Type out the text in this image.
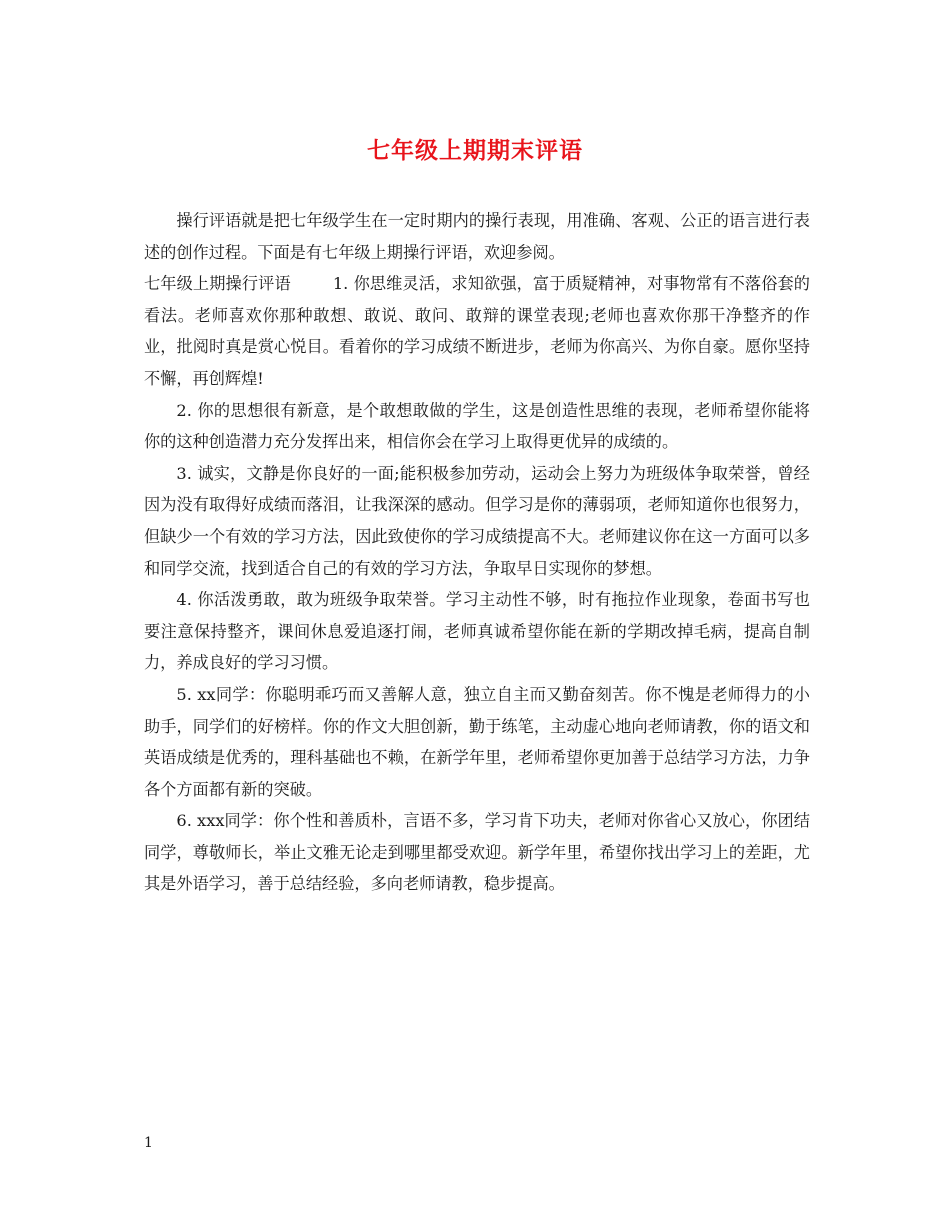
七年级上期期末评语

操行评语就是把七年级学生在一定时期内的操行表现，用准确、客观、公正的语言进行表述的创作过程。下面是有七年级上期操行评语，欢迎参阅。

七年级上期操行评语	1. 你思维灵活，求知欲强，富于质疑精神，对事物常有不落俗套的看法。老师喜欢你那种敢想、敢说、敢问、敢辩的课堂表现;老师也喜欢你那干净整齐的作业，批阅时真是赏心悦目。看着你的学习成绩不断进步，老师为你高兴、为你自豪。愿你坚持不懈，再创辉煌!

2. 你的思想很有新意，是个敢想敢做的学生，这是创造性思维的表现，老师希望你能将你的这种创造潜力充分发挥出来，相信你会在学习上取得更优异的成绩的。

3. 诚实，文静是你良好的一面;能积极参加劳动，运动会上努力为班级体争取荣誉，曾经因为没有取得好成绩而落泪，让我深深的感动。但学习是你的薄弱项，老师知道你也很努力，但缺少一个有效的学习方法，因此致使你的学习成绩提高不大。老师建议你在这一方面可以多和同学交流，找到适合自己的有效的学习方法，争取早日实现你的梦想。

4. 你活泼勇敢，敢为班级争取荣誉。学习主动性不够，时有拖拉作业现象，卷面书写也要注意保持整齐，课间休息爱追逐打闹，老师真诚希望你能在新的学期改掉毛病，提高自制力，养成良好的学习习惯。

5. xx同学：你聪明乖巧而又善解人意，独立自主而又勤奋刻苦。你不愧是老师得力的小助手，同学们的好榜样。你的作文大胆创新，勤于练笔，主动虚心地向老师请教，你的语文和英语成绩是优秀的，理科基础也不赖，在新学年里，老师希望你更加善于总结学习方法，力争各个方面都有新的突破。

6. xxx同学：你个性和善质朴，言语不多，学习肯下功夫，老师对你省心又放心，你团结同学，尊敬师长，举止文雅无论走到哪里都受欢迎。新学年里，希望你找出学习上的差距，尤其是外语学习，善于总结经验，多向老师请教，稳步提高。

1
